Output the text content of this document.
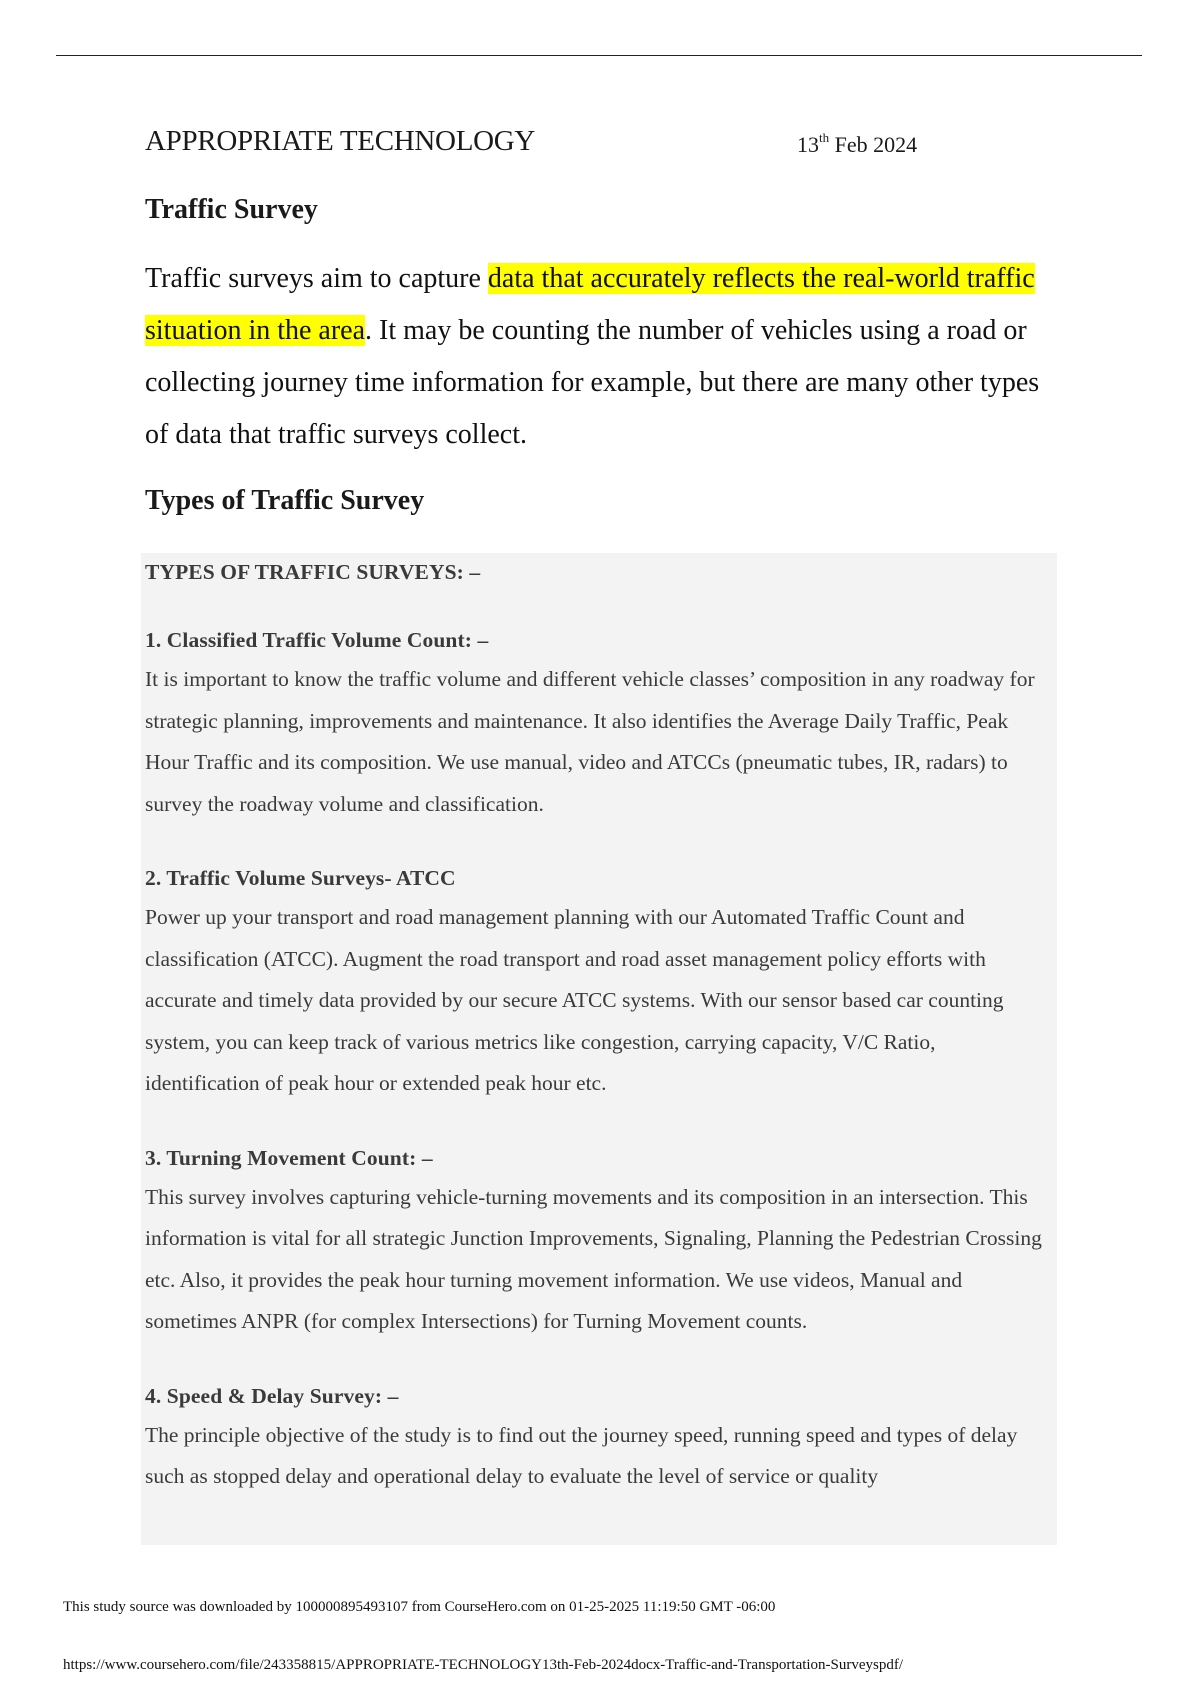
APPROPRIATE TECHNOLOGY	13th Feb 2024
Traffic Survey
Traffic surveys aim to capture data that accurately reflects the real-world traffic situation in the area. It may be counting the number of vehicles using a road or collecting journey time information for example, but there are many other types of data that traffic surveys collect.
Types of Traffic Survey

TYPES OF TRAFFIC SURVEYS: –

1. Classified Traffic Volume Count: –

It is important to know the traffic volume and different vehicle classes’ composition in any roadway for strategic planning, improvements and maintenance. It also identifies the Average Daily Traffic, Peak Hour Traffic and its composition. We use manual, video and ATCCs (pneumatic tubes, IR, radars) to survey the roadway volume and classification.

2. Traffic Volume Surveys- ATCC

Power up your transport and road management planning with our Automated Traffic Count and classification (ATCC). Augment the road transport and road asset management policy efforts with accurate and timely data provided by our secure ATCC systems. With our sensor based car counting system, you can keep track of various metrics like congestion, carrying capacity, V/C Ratio, identification of peak hour or extended peak hour etc.

3. Turning Movement Count: –

This survey involves capturing vehicle-turning movements and its composition in an intersection. This information is vital for all strategic Junction Improvements, Signaling, Planning the Pedestrian Crossing etc. Also, it provides the peak hour turning movement information. We use videos, Manual and sometimes ANPR (for complex Intersections) for Turning Movement counts.

4. Speed & Delay Survey: –

The principle objective of the study is to find out the journey speed, running speed and types of delay such as stopped delay and operational delay to evaluate the level of service or quality

This study source was downloaded by 100000895493107 from CourseHero.com on 01-25-2025 11:19:50 GMT -06:00
https://www.coursehero.com/file/243358815/APPROPRIATE-TECHNOLOGY13th-Feb-2024docx-Traffic-and-Transportation-Surveyspdf/
